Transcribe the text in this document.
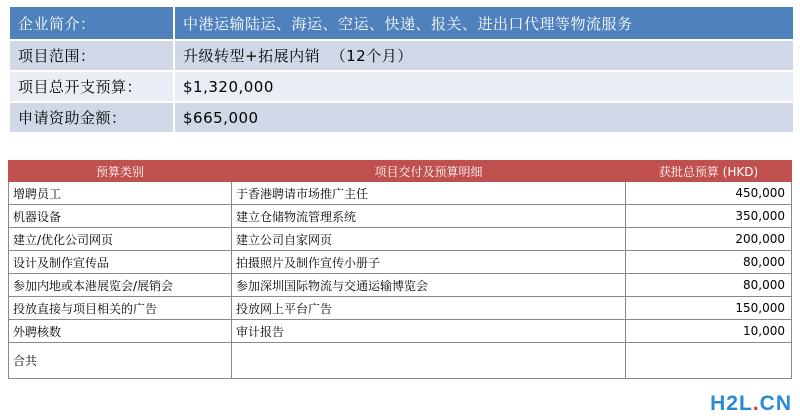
企业简介：	中港运输陆运、海运、空运、快递、报关、进出口代理等物流服务
项目范围：	升级转型+拓展内销  （12个月）
项目总开支预算：	$1,320,000
申请资助金额：	$665,000
预算类别	项目交付及预算明细	获批总预算 (HKD)
增聘员工	于香港聘请市场推广主任	450,000
机器设备	建立仓储物流管理系统	350,000
建立/优化公司网页	建立公司自家网页	200,000
设计及制作宣传品	拍摄照片及制作宣传小册子	80,000
参加内地或本港展览会/展销会	参加深圳国际物流与交通运输博览会	80,000
投放直接与项目相关的广告	投放网上平台广告	150,000
外聘核数	审计报告	10,000
合共		
H2L.CN
